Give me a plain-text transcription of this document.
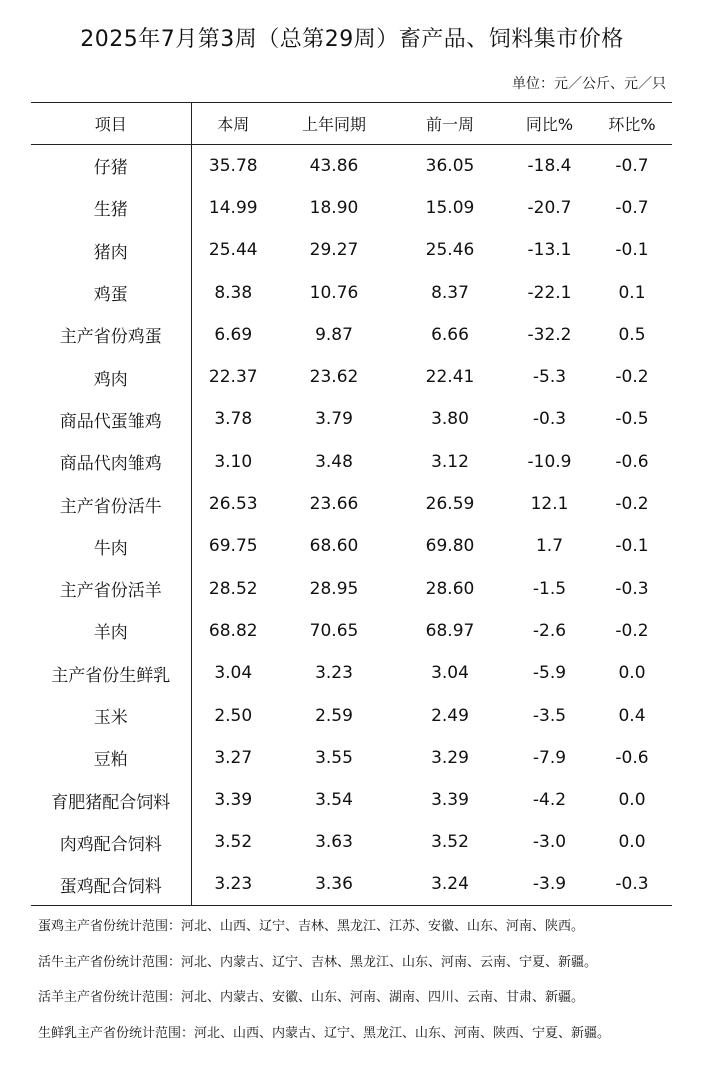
2025年7月第3周（总第29周）畜产品、饲料集市价格
单位：元／公斤、元／只
项目	本周	上年同期	前一周	同比%	环比%
仔猪	35.78	43.86	36.05	-18.4	-0.7
生猪	14.99	18.90	15.09	-20.7	-0.7
猪肉	25.44	29.27	25.46	-13.1	-0.1
鸡蛋	8.38	10.76	8.37	-22.1	0.1
主产省份鸡蛋	6.69	9.87	6.66	-32.2	0.5
鸡肉	22.37	23.62	22.41	-5.3	-0.2
商品代蛋雏鸡	3.78	3.79	3.80	-0.3	-0.5
商品代肉雏鸡	3.10	3.48	3.12	-10.9	-0.6
主产省份活牛	26.53	23.66	26.59	12.1	-0.2
牛肉	69.75	68.60	69.80	1.7	-0.1
主产省份活羊	28.52	28.95	28.60	-1.5	-0.3
羊肉	68.82	70.65	68.97	-2.6	-0.2
主产省份生鲜乳	3.04	3.23	3.04	-5.9	0.0
玉米	2.50	2.59	2.49	-3.5	0.4
豆粕	3.27	3.55	3.29	-7.9	-0.6
育肥猪配合饲料	3.39	3.54	3.39	-4.2	0.0
肉鸡配合饲料	3.52	3.63	3.52	-3.0	0.0
蛋鸡配合饲料	3.23	3.36	3.24	-3.9	-0.3
蛋鸡主产省份统计范围：河北、山西、辽宁、吉林、黑龙江、江苏、安徽、山东、河南、陕西。
活牛主产省份统计范围：河北、内蒙古、辽宁、吉林、黑龙江、山东、河南、云南、宁夏、新疆。
活羊主产省份统计范围：河北、内蒙古、安徽、山东、河南、湖南、四川、云南、甘肃、新疆。
生鲜乳主产省份统计范围：河北、山西、内蒙古、辽宁、黑龙江、山东、河南、陕西、宁夏、新疆。
